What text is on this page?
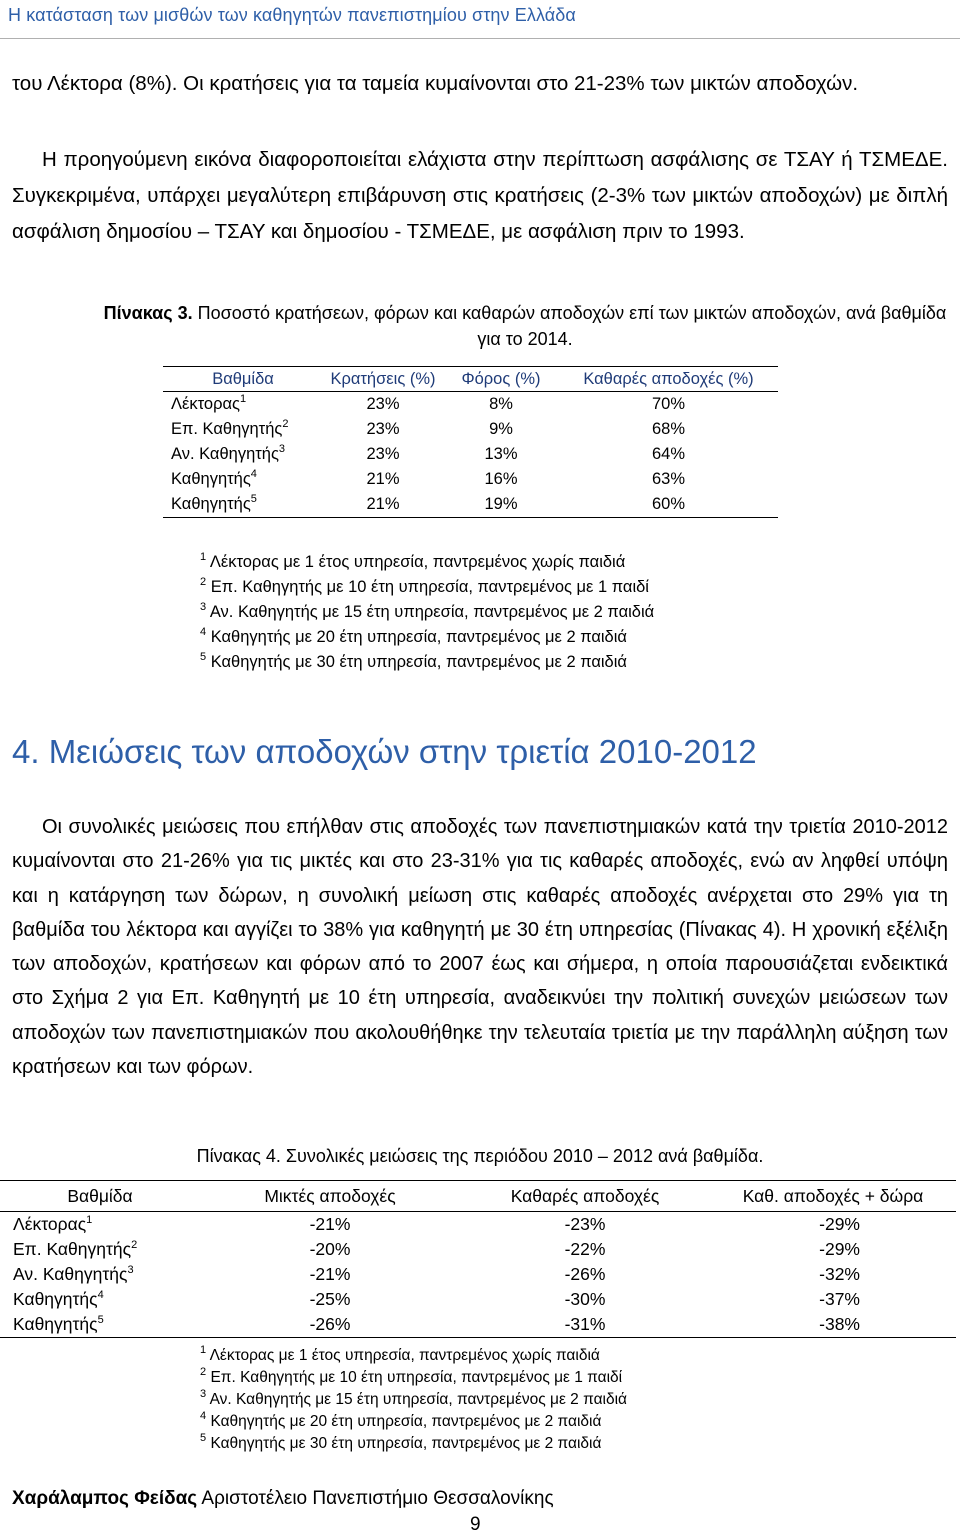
Η κατάσταση των μισθών των καθηγητών πανεπιστημίου στην Ελλάδα
του Λέκτορα (8%). Οι κρατήσεις για τα ταμεία κυμαίνονται στο 21-23% των μικτών αποδοχών.
Η προηγούμενη εικόνα διαφοροποιείται ελάχιστα στην περίπτωση ασφάλισης σε ΤΣΑΥ ή ΤΣΜΕΔΕ. Συγκεκριμένα, υπάρχει μεγαλύτερη επιβάρυνση στις κρατήσεις (2-3% των μικτών αποδοχών) με διπλή ασφάλιση δημοσίου – ΤΣΑΥ και δημοσίου - ΤΣΜΕΔΕ, με ασφάλιση πριν το 1993.
Πίνακας 3. Ποσοστό κρατήσεων, φόρων και καθαρών αποδοχών επί των μικτών αποδοχών, ανά βαθμίδα για το 2014.
Βαθμίδα	Κρατήσεις (%)	Φόρος (%)	Καθαρές αποδοχές (%)
Λέκτορας$^1$	23%	8%	70%
Επ. Καθηγητής$^2$	23%	9%	68%
Αν. Καθηγητής$^3$	23%	13%	64%
Καθηγητής$^4$	21%	16%	63%
Καθηγητής$^5$	21%	19%	60%
$^1$ Λέκτορας με 1 έτος υπηρεσία, παντρεμένος χωρίς παιδιά
$^2$ Επ. Καθηγητής με 10 έτη υπηρεσία, παντρεμένος με 1 παιδί
$^3$ Αν. Καθηγητής με 15 έτη υπηρεσία, παντρεμένος με 2 παιδιά
$^4$ Καθηγητής με 20 έτη υπηρεσία, παντρεμένος με 2 παιδιά
$^5$ Καθηγητής με 30 έτη υπηρεσία, παντρεμένος με 2 παιδιά
4. Μειώσεις των αποδοχών στην τριετία 2010-2012
Οι συνολικές μειώσεις που επήλθαν στις αποδοχές των πανεπιστημιακών κατά την τριετία 2010-2012 κυμαίνονται στο 21-26% για τις μικτές και στο 23-31% για τις καθαρές αποδοχές, ενώ αν ληφθεί υπόψη και η κατάργηση των δώρων, η συνολική μείωση στις καθαρές αποδοχές ανέρχεται στο 29% για τη βαθμίδα του λέκτορα και αγγίζει το 38% για καθηγητή με 30 έτη υπηρεσίας (Πίνακας 4). Η χρονική εξέλιξη των αποδοχών, κρατήσεων και φόρων από το 2007 έως και σήμερα, η οποία παρουσιάζεται ενδεικτικά στο Σχήμα 2 για Επ. Καθηγητή με 10 έτη υπηρεσία, αναδεικνύει την πολιτική συνεχών μειώσεων των αποδοχών των πανεπιστημιακών που ακολουθήθηκε την τελευταία τριετία με την παράλληλη αύξηση των κρατήσεων και των φόρων.
Πίνακας 4. Συνολικές μειώσεις της περιόδου 2010 – 2012 ανά βαθμίδα.
Βαθμίδα	Μικτές αποδοχές	Καθαρές αποδοχές	Καθ. αποδοχές + δώρα
Λέκτορας$^1$	-21%	-23%	-29%
Επ. Καθηγητής$^2$	-20%	-22%	-29%
Αν. Καθηγητής$^3$	-21%	-26%	-32%
Καθηγητής$^4$	-25%	-30%	-37%
Καθηγητής$^5$	-26%	-31%	-38%
$^1$ Λέκτορας με 1 έτος υπηρεσία, παντρεμένος χωρίς παιδιά
$^2$ Επ. Καθηγητής με 10 έτη υπηρεσία, παντρεμένος με 1 παιδί
$^3$ Αν. Καθηγητής με 15 έτη υπηρεσία, παντρεμένος με 2 παιδιά
$^4$ Καθηγητής με 20 έτη υπηρεσία, παντρεμένος με 2 παιδιά
$^5$ Καθηγητής με 30 έτη υπηρεσία, παντρεμένος με 2 παιδιά
Χαράλαμπος Φείδας Αριστοτέλειο Πανεπιστήμιο Θεσσαλονίκης
9
